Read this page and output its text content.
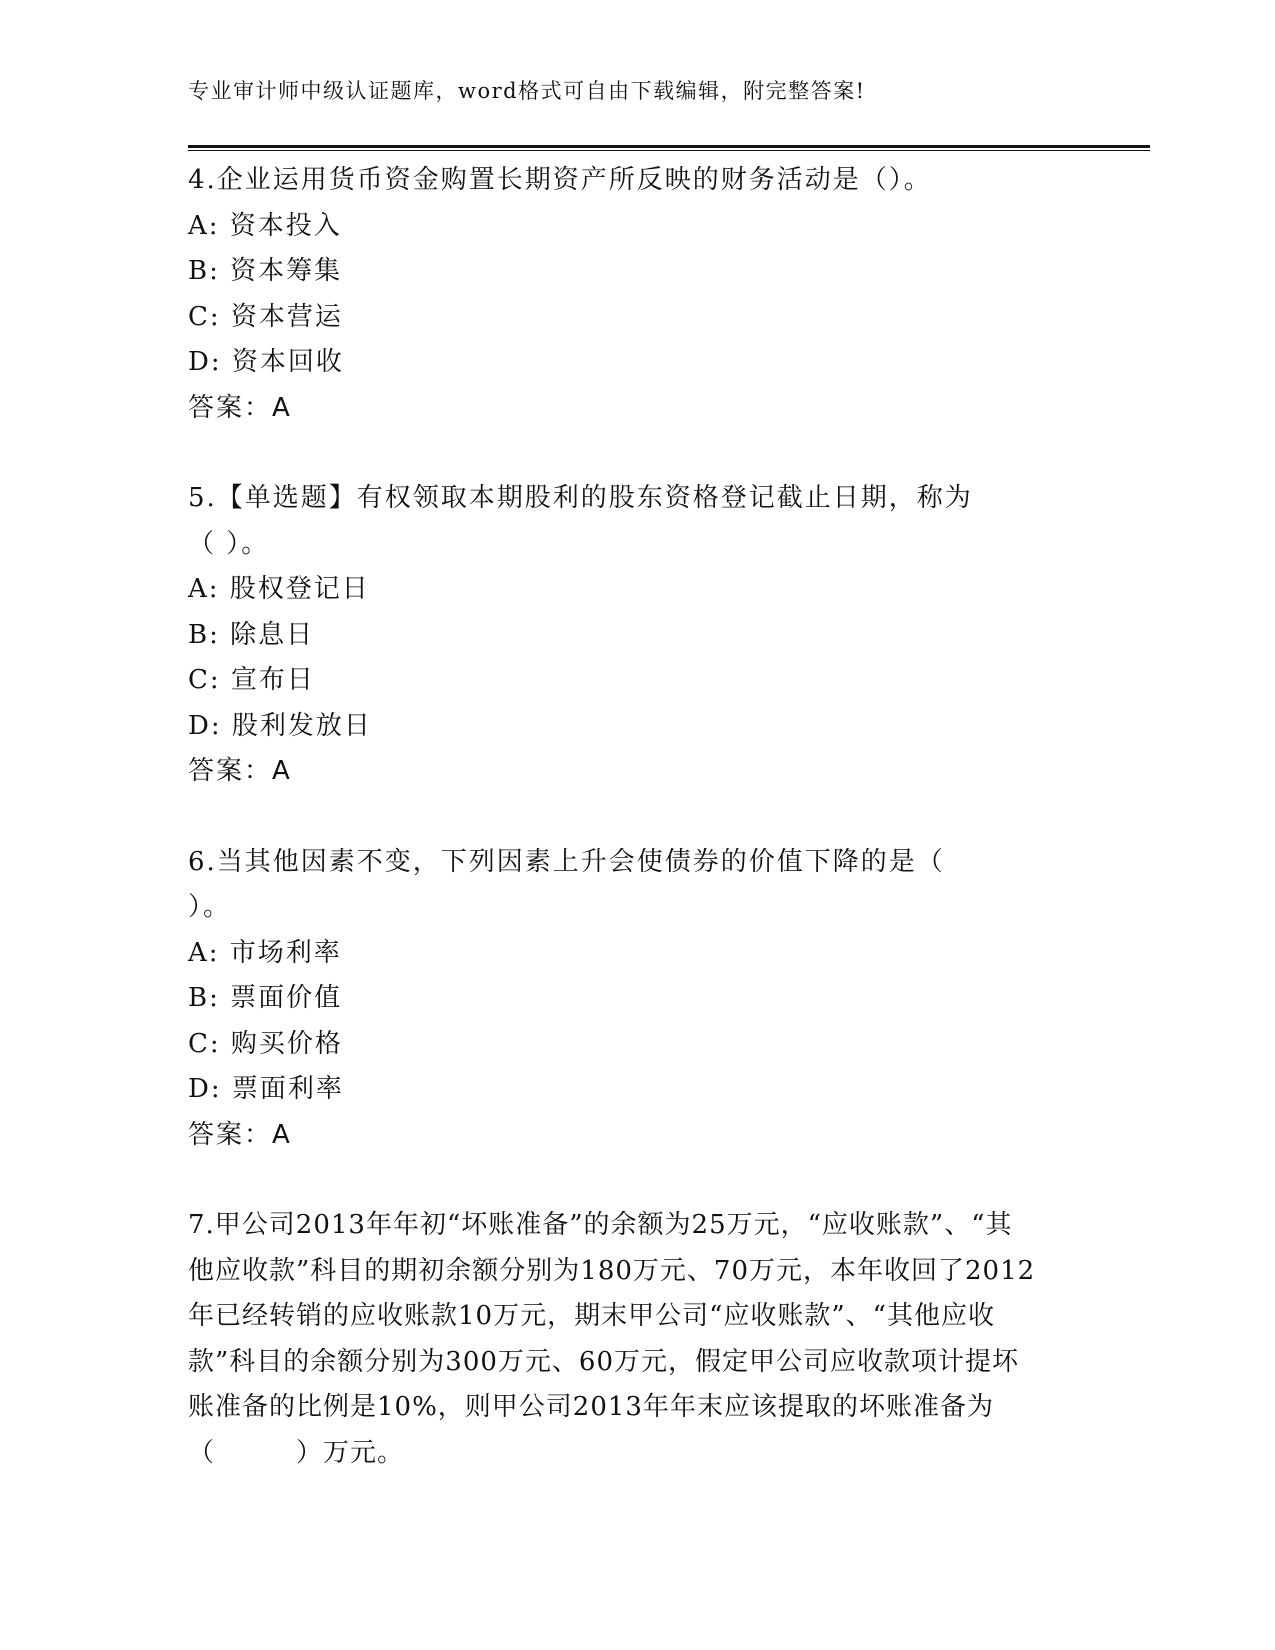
专业审计师中级认证题库，word格式可自由下载编辑，附完整答案!

4.企业运用货币资金购置长期资产所反映的财务活动是（）。

A: 资本投入

B: 资本筹集

C: 资本营运

D: 资本回收

答案：A

5.【单选题】有权领取本期股利的股东资格登记截止日期，称为（ ）。

A: 股权登记日

B: 除息日

C: 宣布日

D: 股利发放日

答案：A

6.当其他因素不变，下列因素上升会使债券的价值下降的是（ ）。

A: 市场利率

B: 票面价值

C: 购买价格

D: 票面利率

答案：A

7.甲公司2013年年初“坏账准备”的余额为25万元，“应收账款”、“其他应收款”科目的期初余额分别为180万元、70万元，本年收回了2012年已经转销的应收账款10万元，期末甲公司“应收账款”、“其他应收款”科目的余额分别为300万元、60万元，假定甲公司应收款项计提坏账准备的比例是10%，则甲公司2013年年末应该提取的坏账准备为（　　　）万元。
